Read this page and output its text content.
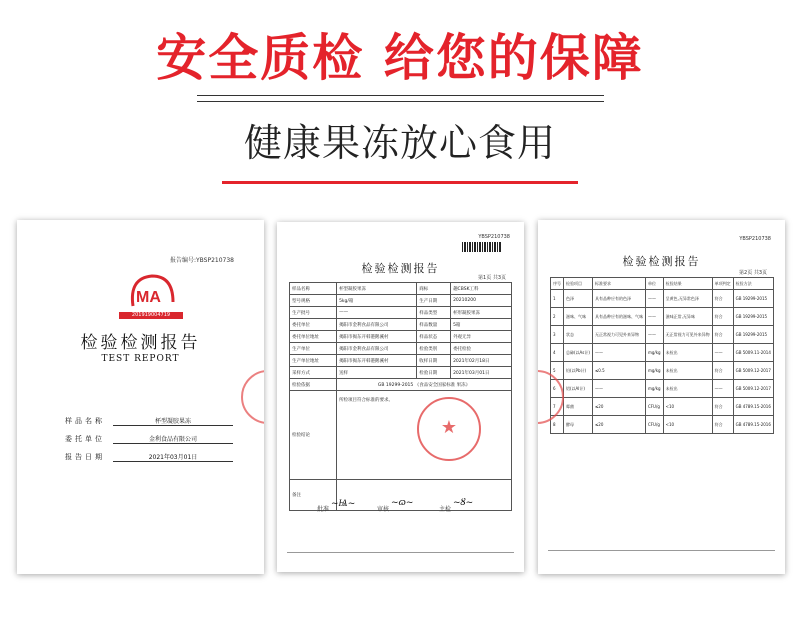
安全质检 给您的保障
健康果冻放心食用
报告编号:YBSP210738
MA
201919004719
检验检测报告
TEST REPORT
样品名称	杯型凝胶果冻
委托单位	金利食品有限公司
报告日期	2021年03月01日
YBSP210738
检验检测报告
第1页 共3页
样品名称	杯型凝胶果冻	商标	趣CBSK工料
型号规格	5kg/箱	生产日期	20210200
生产批号	——	样品类型	杯形凝胶果冻
委托单位	揭阳市金利食品有限公司	样品数量	5箱
委托单位地址	揭阳市揭东开韩港鹅溪村	样品状态	外观无异
生产单位	揭阳市金利食品有限公司	检验类别	委托检验
生产单位地址	揭阳市揭东开韩港鹅溪村	收样日期	2021年02月18日
采样方式	送样	检验日期	2021年03月01日
检验依据	GB 19299-2015 《食品安全国家标准 果冻》		
检验结论	所检项目符合标准的要求。		
备注			
★
批准
~Ѩ~
审核
~ɷ~
主检
~Ȣ~
YBSP210738
检验检测报告
第2页 共3页
序号	检验项目	标准要求	单位	检验结果	单项判定	检验方法
1	色泽	具有品种应有的色泽	——	呈黄色,无异常色泽	符合	GB 19299-2015
2	滋味、气味	具有品种应有的滋味、气味	——	滋味正常,无异味	符合	GB 19299-2015
3	状态	无正常视力可见外来异物	——	无正常视力可见外来异物	符合	GB 19299-2015
4	总砷(以As计)	——	mg/kg	未检出	——	GB 5009.11-2014
5	铅(以Pb计)	≤0.5	mg/kg	未检出	符合	GB 5009.12-2017
6	铝(以Al计)	——	mg/kg	未检出	——	GB 5009.12-2017
7	霉菌	≤20	CFU/g	<10	符合	GB 4789.15-2016
8	酵母	≤20	CFU/g	<10	符合	GB 4789.15-2016
